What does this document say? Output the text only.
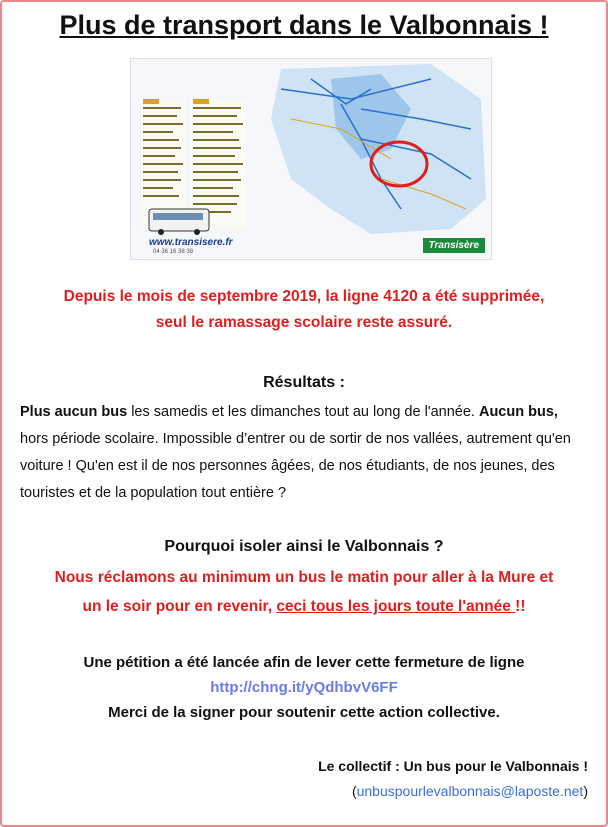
Plus de transport dans le Valbonnais !
www.transisere.fr
04 36 16 38 38
Transisère
Depuis le mois de septembre 2019, la ligne 4120 a été supprimée,
seul le ramassage scolaire reste assuré.
Résultats :
Plus aucun bus les samedis et les dimanches tout au long de l'année. Aucun bus, hors période scolaire. Impossible d’entrer ou de sortir de nos vallées, autrement qu'en voiture ! Qu'en est il de nos personnes âgées, de nos étudiants, de nos jeunes, des touristes et de la population tout entière ?
Pourquoi isoler ainsi le Valbonnais ?
Nous réclamons au minimum un bus le matin pour aller à la Mure et
un le soir pour en revenir, ceci tous les jours toute l'année !!
Une pétition a été lancée afin de lever cette fermeture de ligne
http://chng.it/yQdhbvV6FF
Merci de la signer pour soutenir cette action collective.
Le collectif : Un bus pour le Valbonnais !
(unbuspourlevalbonnais@laposte.net)
